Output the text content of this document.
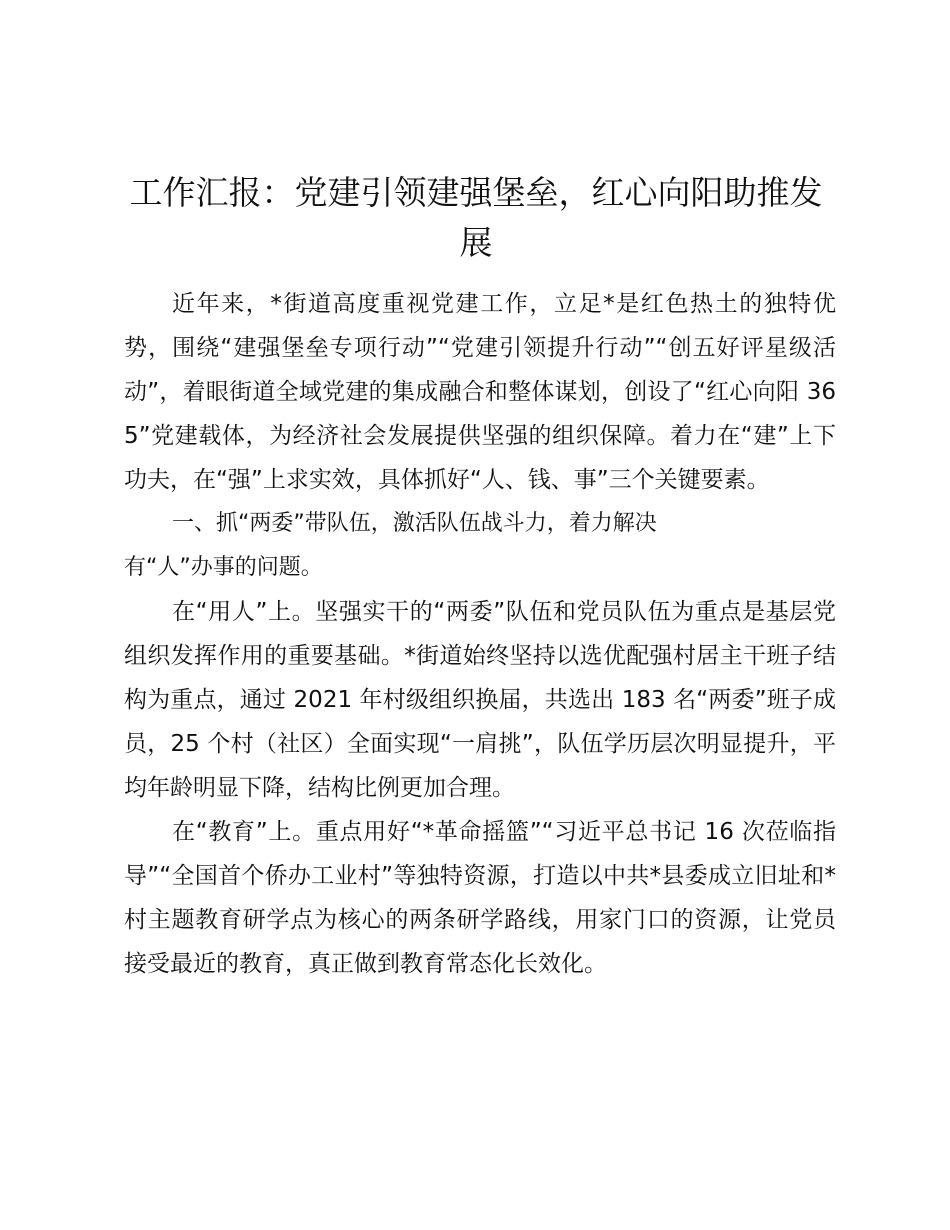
工作汇报：党建引领建强堡垒，红心向阳助推发展

近年来，*街道高度重视党建工作，立足*是红色热土的独特优势，围绕“建强堡垒专项行动”“党建引领提升行动”“创五好评星级活动”，着眼街道全域党建的集成融合和整体谋划，创设了“红心向阳 365”党建载体，为经济社会发展提供坚强的组织保障。着力在“建”上下功夫，在“强”上求实效，具体抓好“人、钱、事”三个关键要素。

一、抓“两委”带队伍，激活队伍战斗力，着力解决
有“人”办事的问题。

在“用人”上。坚强实干的“两委”队伍和党员队伍为重点是基层党组织发挥作用的重要基础。*街道始终坚持以选优配强村居主干班子结构为重点，通过 2021 年村级组织换届，共选出 183 名“两委”班子成员，25 个村（社区）全面实现“一肩挑”，队伍学历层次明显提升，平均年龄明显下降，结构比例更加合理。

在“教育”上。重点用好“*革命摇篮”“习近平总书记 16 次莅临指导”“全国首个侨办工业村”等独特资源，打造以中共*县委成立旧址和*村主题教育研学点为核心的两条研学路线，用家门口的资源，让党员接受最近的教育，真正做到教育常态化长效化。
